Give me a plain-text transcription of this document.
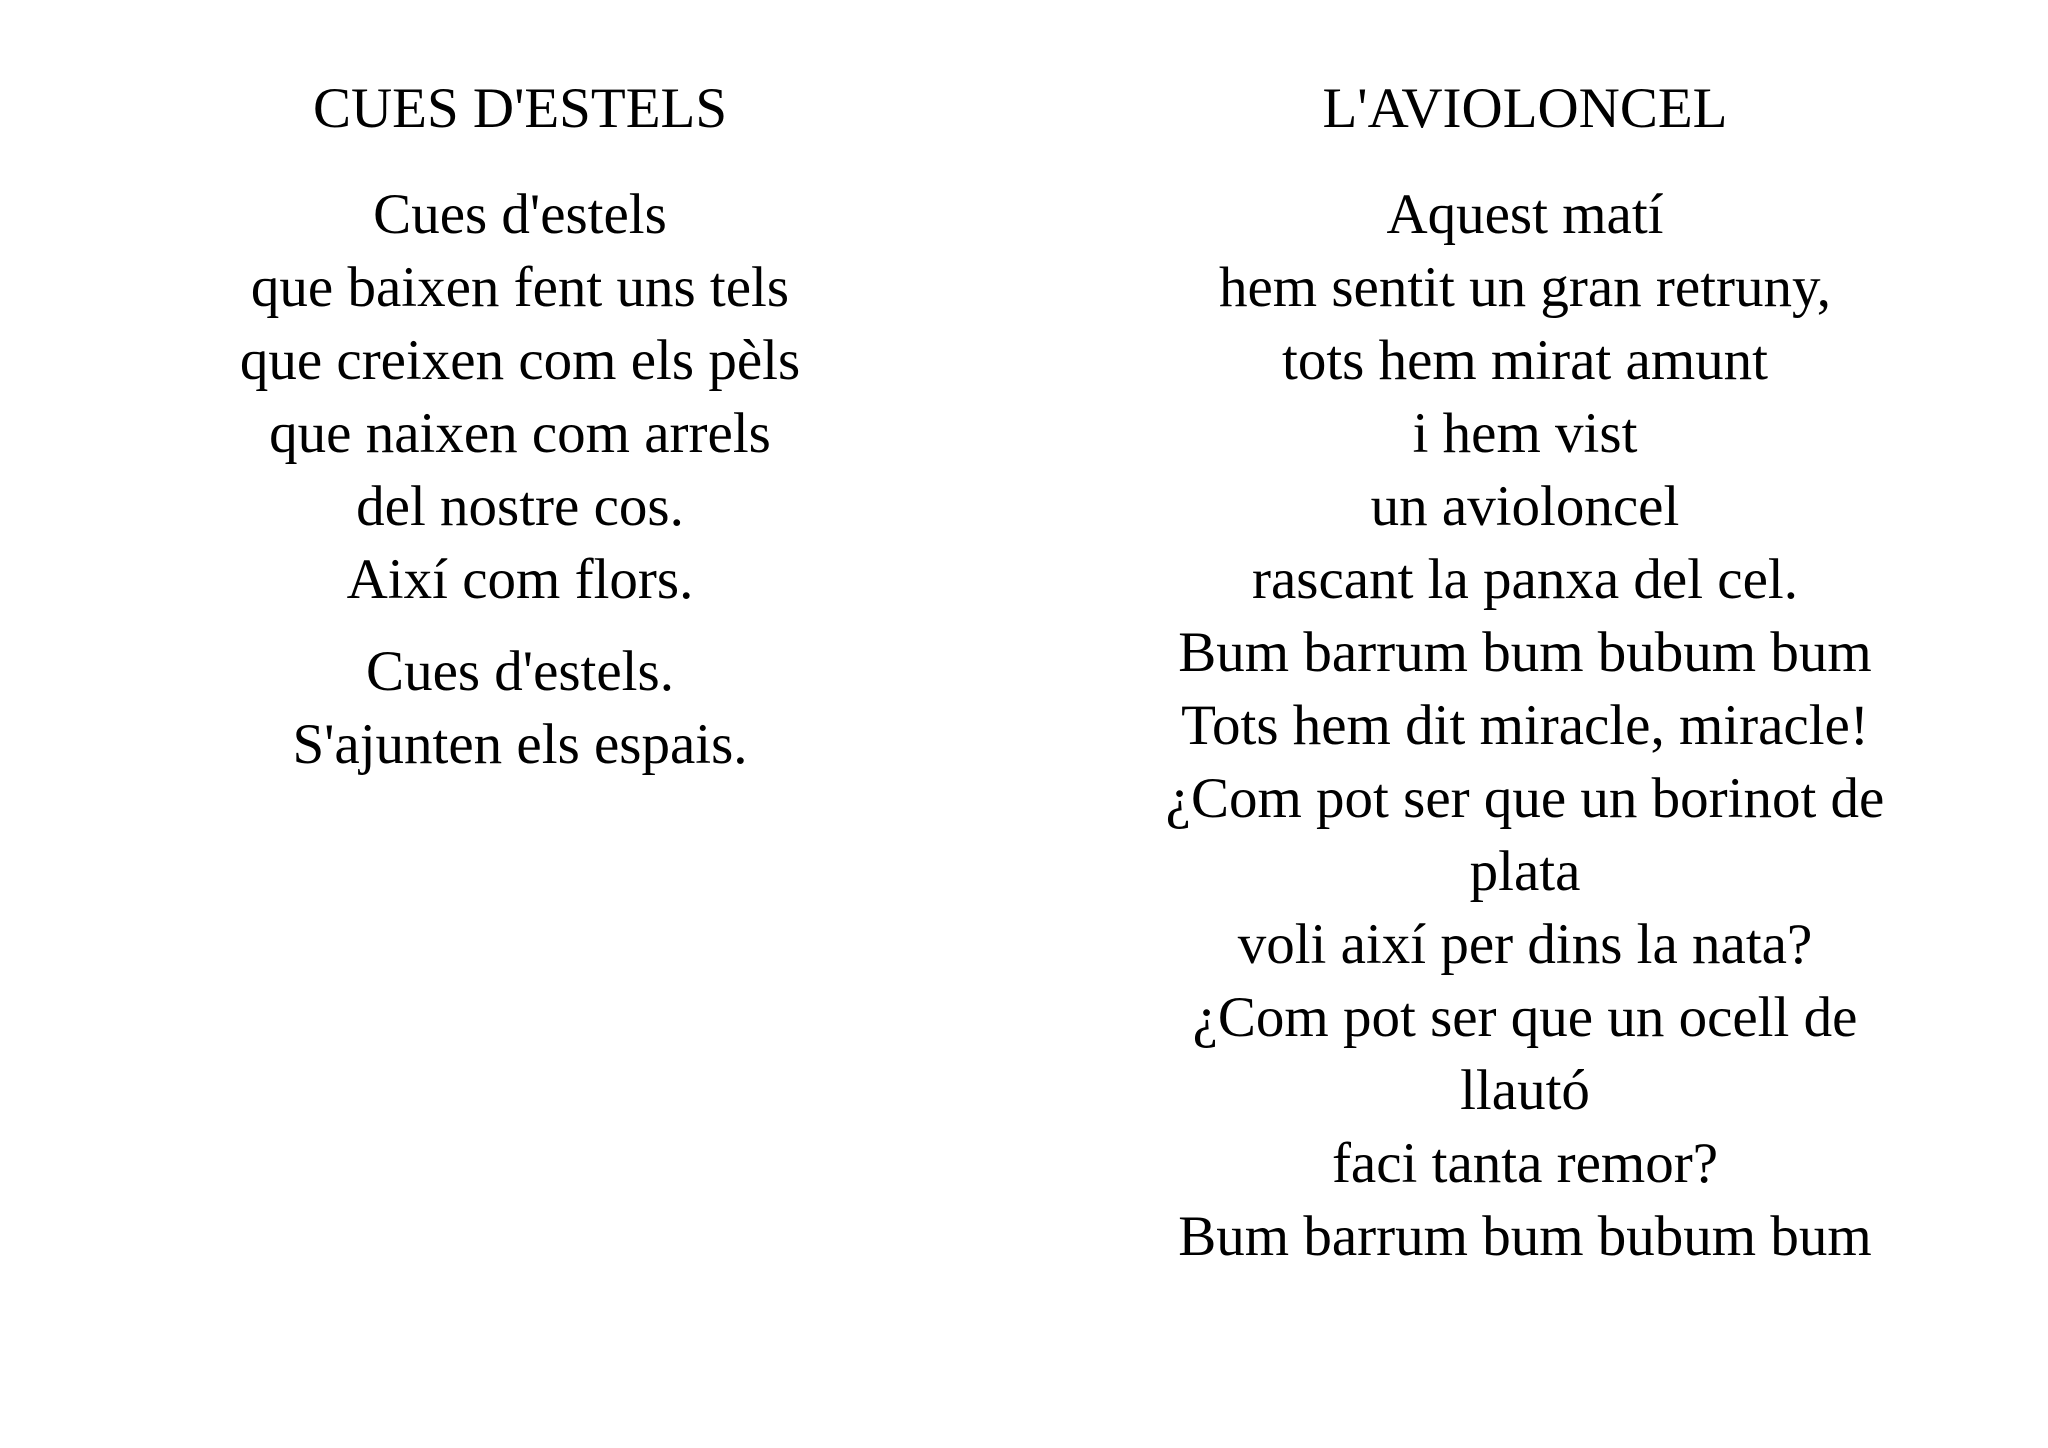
CUES D'ESTELS
Cues d'estels
que baixen fent uns tels
que creixen com els pèls
que naixen com arrels
del nostre cos.
Així com flors.
Cues d'estels.
S'ajunten els espais.
L'AVIOLONCEL
Aquest matí
hem sentit un gran retruny,
tots hem mirat amunt
i hem vist
un avioloncel
rascant la panxa del cel.
Bum barrum bum bubum bum
Tots hem dit miracle, miracle!
¿Com pot ser que un borinot de
plata
voli així per dins la nata?
¿Com pot ser que un ocell de
llautó
faci tanta remor?
Bum barrum bum bubum bum
